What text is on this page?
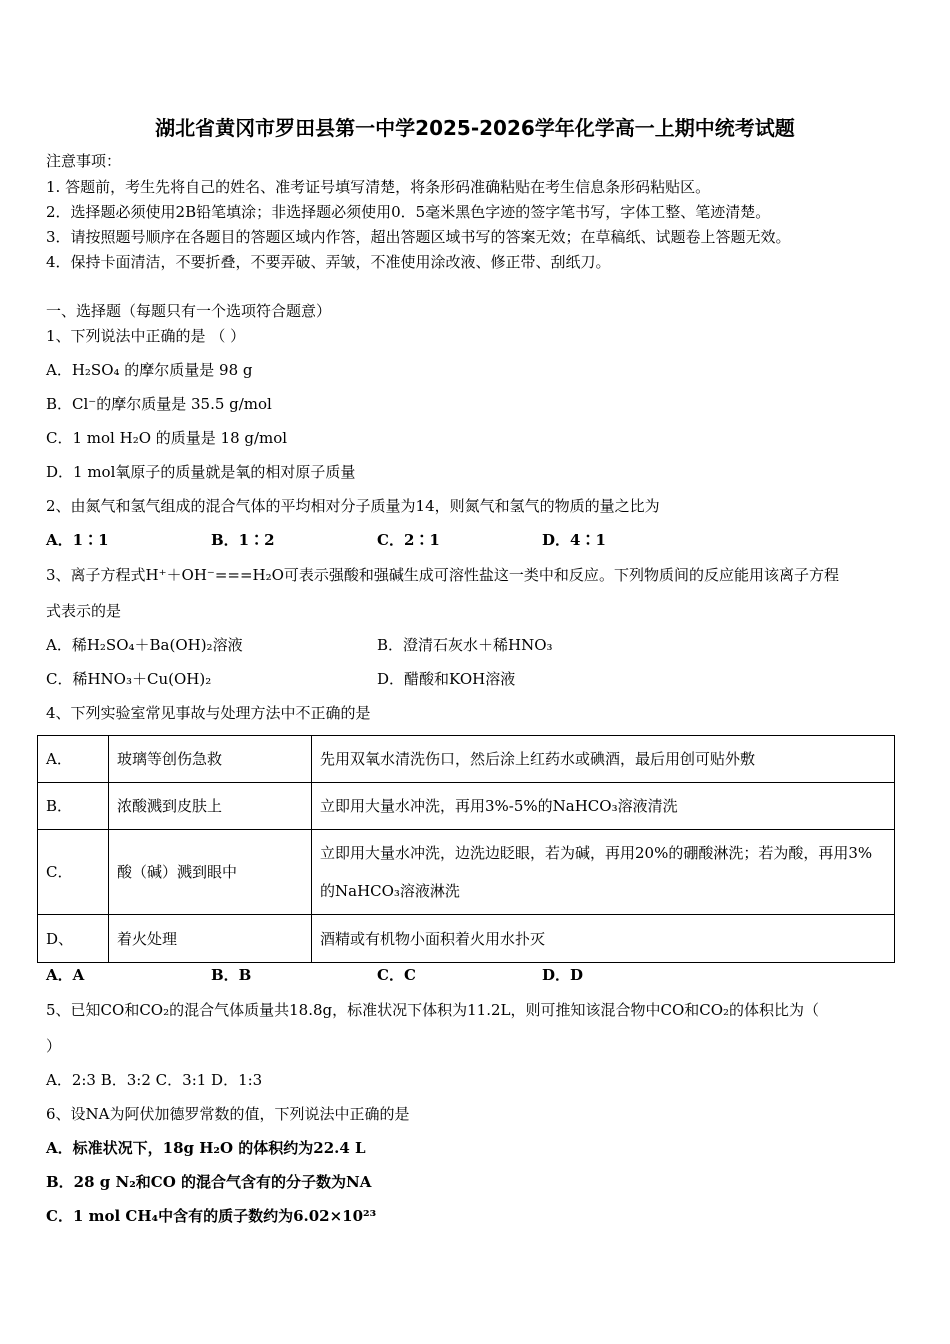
湖北省黄冈市罗田县第一中学2025-2026学年化学高一上期中统考试题
注意事项：
1. 答题前，考生先将自己的姓名、准考证号填写清楚，将条形码准确粘贴在考生信息条形码粘贴区。
2．选择题必须使用2B铅笔填涂；非选择题必须使用0．5毫米黑色字迹的签字笔书写，字体工整、笔迹清楚。
3．请按照题号顺序在各题目的答题区域内作答，超出答题区域书写的答案无效；在草稿纸、试题卷上答题无效。
4．保持卡面清洁，不要折叠，不要弄破、弄皱，不准使用涂改液、修正带、刮纸刀。
一、选择题（每题只有一个选项符合题意）
1、下列说法中正确的是 （ ）
A．H₂SO₄ 的摩尔质量是 98 g
B．Cl⁻的摩尔质量是 35.5 g/mol
C．1 mol H₂O 的质量是 18 g/mol
D．1 mol氧原子的质量就是氧的相对原子质量
2、由氮气和氢气组成的混合气体的平均相对分子质量为14，则氮气和氢气的物质的量之比为
A．1∶1	B．1∶2	C．2∶1	D．4∶1
3、离子方程式H⁺＋OH⁻===H₂O可表示强酸和强碱生成可溶性盐这一类中和反应。下列物质间的反应能用该离子方程
式表示的是
A．稀H₂SO₄＋Ba(OH)₂溶液	B．澄清石灰水＋稀HNO₃
C．稀HNO₃＋Cu(OH)₂	D．醋酸和KOH溶液
4、下列实验室常见事故与处理方法中不正确的是
A．	玻璃等创伤急救	先用双氧水清洗伤口，然后涂上红药水或碘酒，最后用创可贴外敷
B．	浓酸溅到皮肤上	立即用大量水冲洗，再用3%-5%的NaHCO₃溶液清洗
C．	酸（碱）溅到眼中	立即用大量水冲洗，边洗边眨眼，若为碱，再用20%的硼酸淋洗；若为酸，再用3%的NaHCO₃溶液淋洗
D、	着火处理	酒精或有机物小面积着火用水扑灭
A．A	B．B	C．C	D．D
5、已知CO和CO₂的混合气体质量共18.8g，标准状况下体积为11.2L，则可推知该混合物中CO和CO₂的体积比为（
）
A．2:3 B．3:2 C．3:1 D．1:3
6、设NA为阿伏加德罗常数的值，下列说法中正确的是
A．标准状况下，18g H₂O 的体积约为22.4 L
B．28 g N₂和CO 的混合气含有的分子数为NA
C．1 mol CH₄中含有的质子数约为6.02×10²³
